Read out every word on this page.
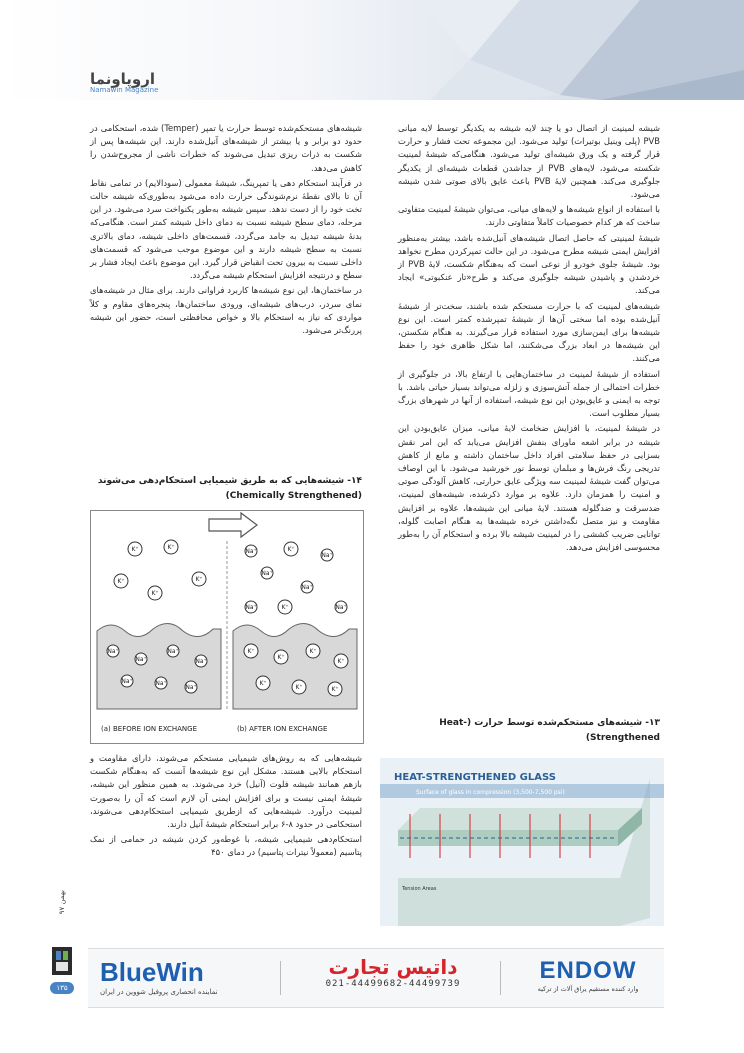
اروپا‌ونما
Namawin Magazine

شیشه لمینیت از اتصال دو یا چند لایه شیشه به یکدیگر توسط لایه میانی PVB (پلی وینیل بوتیرات) تولید می‌شود. این مجموعه تحت فشار و حرارت قرار گرفته و یک ورق شیشه‌ای تولید می‌شود. هنگامی‌که شیشهٔ لمینیت شکسته می‌شود، لایه‌های PVB از جداشدن قطعات شیشه‌ای از یکدیگر جلوگیری می‌کند. همچنین لایهٔ PVB باعث عایق بالای صوتی شدن شیشه می‌شود.

با استفاده از انواع شیشه‌ها و لایه‌های میانی، می‌توان شیشهٔ لمینیت متفاوتی ساخت که هر کدام خصوصیات کاملاً متفاوتی دارند.

شیشهٔ لمینیتی که حاصل اتصال شیشه‌های آنیل‌شده باشد، بیشتر به‌منظور افزایش ایمنی شیشه مطرح می‌شود. در این حالت تمپرکردن مطرح نخواهد بود. شیشهٔ جلوی خودرو از نوعی است که به‌هنگام شکست، لایهٔ PVB از خردشدن و پاشیدن شیشه جلوگیری می‌کند و طرح«تار عنکبوتی» ایجاد می‌کند.

شیشه‌های لمینیت که با حرارت مستحکم شده باشند، سخت‌تر از شیشهٔ آنیل‌شده بوده اما سختی آن‌ها از شیشهٔ تمپرشده کمتر است. این نوع شیشه‌ها برای ایمن‌سازی مورد استفاده قرار می‌گیرند. به هنگام شکستن، این شیشه‌ها در ابعاد بزرگ می‌شکنند، اما شکل ظاهری خود را حفظ می‌کنند.

استفاده از شیشهٔ لمینیت در ساختمان‌هایی با ارتفاع بالا، در جلوگیری از خطرات احتمالی از جمله آتش‌سوزی و زلزله می‌تواند بسیار حیاتی باشد. با توجه به ایمنی و عایق‌بودن این نوع شیشه، استفاده از آنها در شهرهای بزرگ بسیار مطلوب است.

در شیشهٔ لمینیت، با افزایش ضخامت لایهٔ میانی، میزان عایق‌بودن این شیشه در برابر اشعه ماورای بنفش افزایش می‌یابد که این امر نقش بسزایی در حفظ سلامتی افراد داخل ساختمان داشته و مانع از کاهش تدریجی رنگ فرش‌ها و مبلمان توسط نور خورشید می‌شود. با این اوصاف می‌توان گفت شیشهٔ لمینیت سه ویژگی عایق حرارتی، کاهش آلودگی صوتی و امنیت را همزمان دارد. علاوه بر موارد ذکرشده، شیشه‌های لمینیت، ضدسرقت و ضدگلوله هستند. لایهٔ میانی این شیشه‌ها، علاوه بر افزایش مقاومت و نیز متصل نگه‌داشتن خرده شیشه‌ها به هنگام اصابت گلوله، توانایی ضریب کششی را در لمینیت شیشه بالا برده و استحکام آن را به‌طور محسوسی افزایش می‌دهد.

۱۳- شیشه‌های مستحکم‌شده توسط حرارت (Heat-Strengthened)

شیشه‌های مستحکم‌شده توسط حرارت یا تمپر (Temper) شده، استحکامی در حدود دو برابر و یا بیشتر از شیشه‌های آنیل‌شده دارند. این شیشه‌ها پس از شکست به ذرات ریزی تبدیل می‌شوند که خطرات ناشی از مجروح‌شدن را کاهش می‌دهد.

در فرآیند استحکام دهی یا تمپرینگ، شیشهٔ معمولی (سودالایم) در تمامی نقاط آن تا بالای نقطهٔ نرم‌شوندگی حرارت داده می‌شود به‌طوری‌که شیشه حالت تخت خود را از دست ندهد. سپس شیشه به‌طور یکنواخت سرد می‌شود. در این مرحله، دمای سطح شیشه نسبت به دمای داخل شیشه کمتر است. هنگامی‌که بدنهٔ شیشه تبدیل به جامد می‌گردد، قسمت‌های داخلی شیشه، دمای بالاتری نسبت به سطح شیشه دارند و این موضوع موجب می‌شود که قسمت‌های داخلی نسبت به بیرون تحت انقباض قرار گیرد. این موضوع باعث ایجاد فشار بر سطح و درنتیجه افزایش استحکام شیشه می‌گردد.

در ساختمان‌ها، این نوع شیشه‌ها کاربرد فراوانی دارند. برای مثال در شیشه‌های نمای سردر، درب‌های شیشه‌ای، ورودی ساختمان‌ها، پنجره‌های مقاوم و کلاً مواردی که نیاز به استحکام بالا و خواص محافظتی است، حضور این شیشه پررنگ‌تر می‌شود.

۱۴- شیشه‌هایی که به طریق شیمیایی استحکام‌دهی می‌شوند (Chemically Strengthened)
K⁺	K⁺
K⁺	K⁺
K⁺
Na⁺
Na⁺
Na⁺
Na⁺
Na⁺	Na⁺
Na⁺
Na⁺
Na⁺
Na⁺
Na⁺
Na⁺
Na⁺
K⁺
K⁺
K⁺
K⁺
K⁺
K⁺
K⁺
K⁺	K⁺
(a) BEFORE ION EXCHANGE	(b) AFTER ION EXCHANGE

شیشه‌هایی که به روش‌های شیمیایی مستحکم می‌شوند، دارای مقاومت و استحکام بالایی هستند. مشکل این نوع شیشه‌ها آنست که به‌هنگام شکست بازهم همانند شیشه فلوت (آنیل) خرد می‌شوند. به همین منظور این شیشه، شیشهٔ ایمنی نیست و برای افزایش ایمنی آن لازم است که آن را به‌صورت لمینیت درآورد. شیشه‌هایی که ازطریق شیمیایی استحکام‌دهی می‌شوند، استحکامی در حدود ۸-۶ برابر استحکام شیشهٔ آنیل دارند.

استحکام‌دهی شیمیایی شیشه، با غوطه‌ور کردن شیشه در حمامی از نمک پتاسیم (معمولاً نیترات پتاسیم) در دمای ۴۵۰

HEAT-STRENGTHENED GLASS
Surface of glass in compression (3,500-7,500 psi)
Tension Areas
بهمن ۹۷
۱۳۵
BlueWin
نماینده انحصاری پروفیل شووین در ایران
داتیس تجارت
021-44499682-44499739	ENDOW
وارد کننده مستقیم یراق آلات از ترکیه
